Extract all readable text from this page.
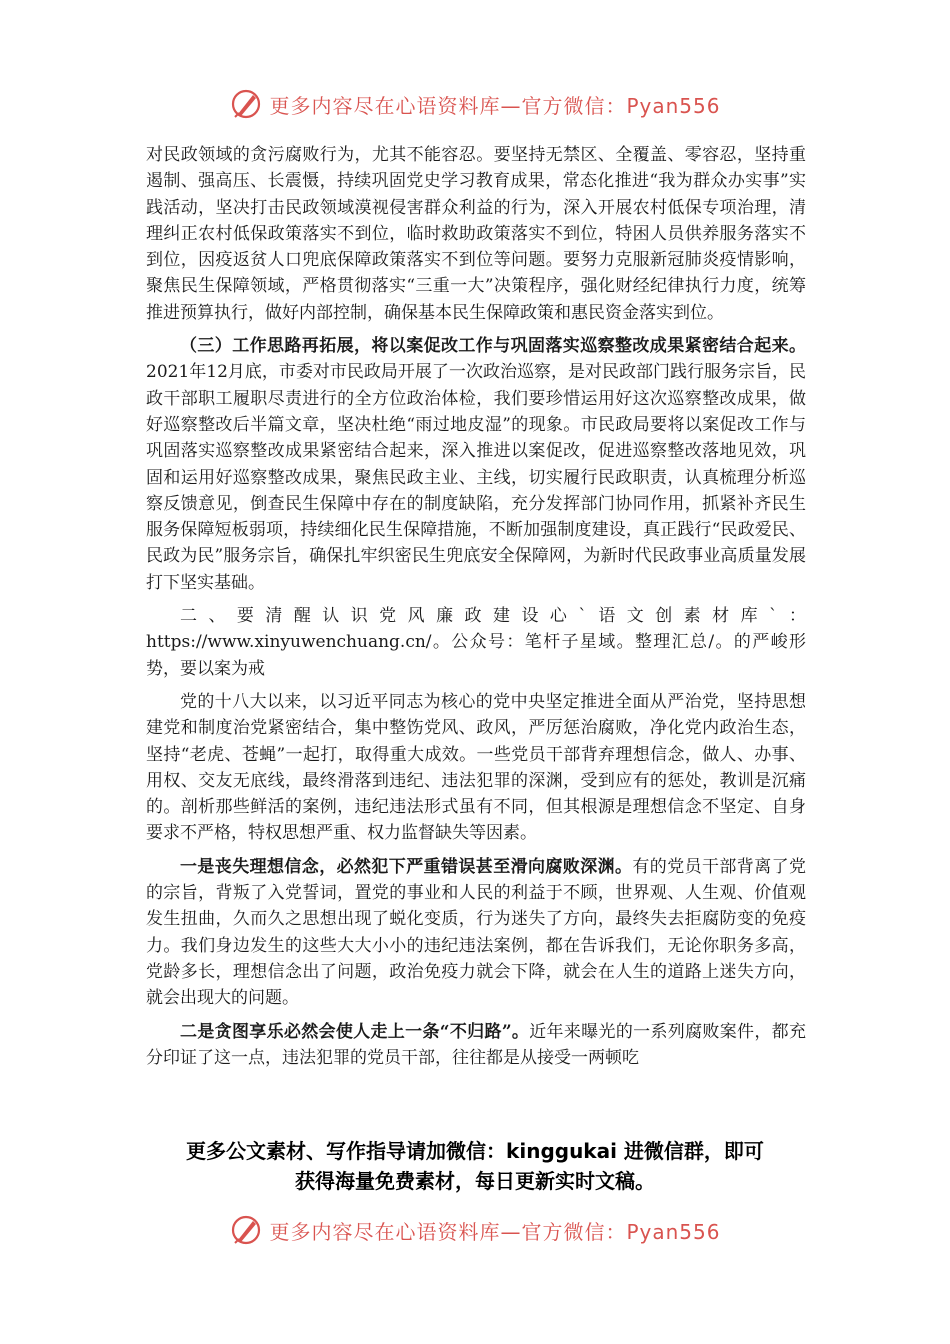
更多内容尽在心语资料库—官方微信：Pyan556

对民政领域的贪污腐败行为，尤其不能容忍。要坚持无禁区、全覆盖、零容忍，坚持重遏制、强高压、长震慑，持续巩固党史学习教育成果，常态化推进“我为群众办实事”实践活动，坚决打击民政领域漠视侵害群众利益的行为，深入开展农村低保专项治理，清理纠正农村低保政策落实不到位，临时救助政策落实不到位，特困人员供养服务落实不到位，因疫返贫人口兜底保障政策落实不到位等问题。要努力克服新冠肺炎疫情影响，聚焦民生保障领域，严格贯彻落实“三重一大”决策程序，强化财经纪律执行力度，统筹推进预算执行，做好内部控制，确保基本民生保障政策和惠民资金落实到位。

（三）工作思路再拓展，将以案促改工作与巩固落实巡察整改成果紧密结合起来。2021年12月底，市委对市民政局开展了一次政治巡察，是对民政部门践行服务宗旨，民政干部职工履职尽责进行的全方位政治体检，我们要珍惜运用好这次巡察整改成果，做好巡察整改后半篇文章，坚决杜绝“雨过地皮湿”的现象。市民政局要将以案促改工作与巩固落实巡察整改成果紧密结合起来，深入推进以案促改，促进巡察整改落地见效，巩固和运用好巡察整改成果，聚焦民政主业、主线，切实履行民政职责，认真梳理分析巡察反馈意见，倒查民生保障中存在的制度缺陷，充分发挥部门协同作用，抓紧补齐民生服务保障短板弱项，持续细化民生保障措施，不断加强制度建设，真正践行“民政爱民、民政为民”服务宗旨，确保扎牢织密民生兜底安全保障网，为新时代民政事业高质量发展打下坚实基础。

二、要清醒认识党风廉政建设心`语文创素材库`：https://www.xinyuwenchuang.cn/。公众号：笔杆子星域。整理汇总/。的严峻形势，要以案为戒

党的十八大以来，以习近平同志为核心的党中央坚定推进全面从严治党，坚持思想建党和制度治党紧密结合，集中整饬党风、政风，严厉惩治腐败，净化党内政治生态，坚持“老虎、苍蝇”一起打，取得重大成效。一些党员干部背弃理想信念，做人、办事、用权、交友无底线，最终滑落到违纪、违法犯罪的深渊，受到应有的惩处，教训是沉痛的。剖析那些鲜活的案例，违纪违法形式虽有不同，但其根源是理想信念不坚定、自身要求不严格，特权思想严重、权力监督缺失等因素。

一是丧失理想信念，必然犯下严重错误甚至滑向腐败深渊。有的党员干部背离了党的宗旨，背叛了入党誓词，置党的事业和人民的利益于不顾，世界观、人生观、价值观发生扭曲，久而久之思想出现了蜕化变质，行为迷失了方向，最终失去拒腐防变的免疫力。我们身边发生的这些大大小小的违纪违法案例，都在告诉我们，无论你职务多高，党龄多长，理想信念出了问题，政治免疫力就会下降，就会在人生的道路上迷失方向，就会出现大的问题。

二是贪图享乐必然会使人走上一条“不归路”。近年来曝光的一系列腐败案件，都充分印证了这一点，违法犯罪的党员干部，往往都是从接受一两顿吃

更多公文素材、写作指导请加微信：kinggukai 进微信群，即可
获得海量免费素材，每日更新实时文稿。
更多内容尽在心语资料库—官方微信：Pyan556
